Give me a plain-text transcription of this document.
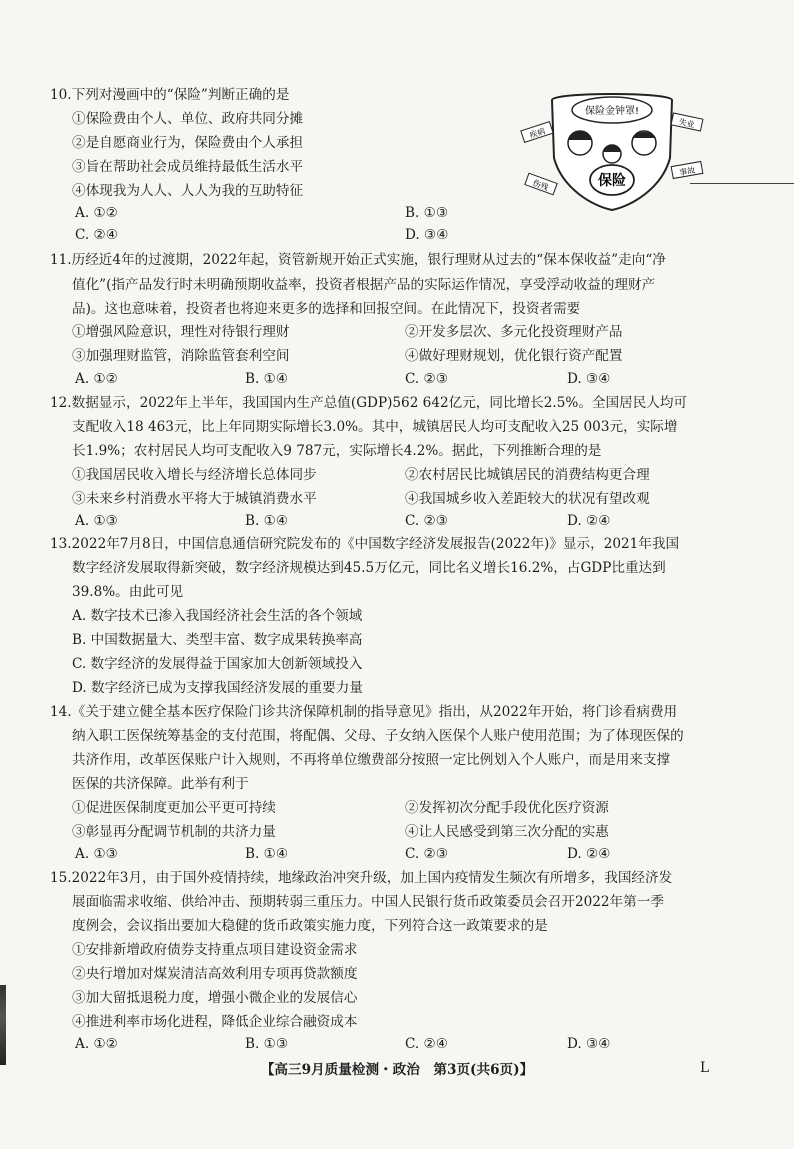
10.下列对漫画中的“保险”判断正确的是
①保险费由个人、单位、政府共同分摊
②是自愿商业行为，保险费由个人承担
③旨在帮助社会成员维持最低生活水平
④体现我为人人、人人为我的互助特征
A. ①②	B. ①③
C. ②④	D. ③④
保险金钟罩!
保险
疾病
失业
伤残
事故
11.历经近4年的过渡期，2022年起，资管新规开始正式实施，银行理财从过去的“保本保收益”走向“净
值化”(指产品发行时未明确预期收益率，投资者根据产品的实际运作情况，享受浮动收益的理财产
品)。这也意味着，投资者也将迎来更多的选择和回报空间。在此情况下，投资者需要
①增强风险意识，理性对待银行理财	②开发多层次、多元化投资理财产品
③加强理财监管，消除监管套利空间	④做好理财规划，优化银行资产配置
A. ①②	B. ①④	C. ②③	D. ③④
12.数据显示，2022年上半年，我国国内生产总值(GDP)562 642亿元，同比增长2.5%。全国居民人均可
支配收入18 463元，比上年同期实际增长3.0%。其中，城镇居民人均可支配收入25 003元，实际增
长1.9%；农村居民人均可支配收入9 787元，实际增长4.2%。据此，下列推断合理的是
①我国居民收入增长与经济增长总体同步	②农村居民比城镇居民的消费结构更合理
③未来乡村消费水平将大于城镇消费水平	④我国城乡收入差距较大的状况有望改观
A. ①③	B. ①④	C. ②③	D. ②④
13.2022年7月8日，中国信息通信研究院发布的《中国数字经济发展报告(2022年)》显示，2021年我国
数字经济发展取得新突破，数字经济规模达到45.5万亿元，同比名义增长16.2%，占GDP比重达到
39.8%。由此可见
A. 数字技术已渗入我国经济社会生活的各个领域
B. 中国数据量大、类型丰富、数字成果转换率高
C. 数字经济的发展得益于国家加大创新领域投入
D. 数字经济已成为支撑我国经济发展的重要力量
14.《关于建立健全基本医疗保险门诊共济保障机制的指导意见》指出，从2022年开始，将门诊看病费用
纳入职工医保统筹基金的支付范围，将配偶、父母、子女纳入医保个人账户使用范围；为了体现医保的
共济作用，改革医保账户计入规则，不再将单位缴费部分按照一定比例划入个人账户，而是用来支撑
医保的共济保障。此举有利于
①促进医保制度更加公平更可持续	②发挥初次分配手段优化医疗资源
③彰显再分配调节机制的共济力量	④让人民感受到第三次分配的实惠
A. ①③	B. ①④	C. ②③	D. ②④
15.2022年3月，由于国外疫情持续，地缘政治冲突升级，加上国内疫情发生频次有所增多，我国经济发
展面临需求收缩、供给冲击、预期转弱三重压力。中国人民银行货币政策委员会召开2022年第一季
度例会，会议指出要加大稳健的货币政策实施力度，下列符合这一政策要求的是
①安排新增政府债券支持重点项目建设资金需求
②央行增加对煤炭清洁高效利用专项再贷款额度
③加大留抵退税力度，增强小微企业的发展信心
④推进利率市场化进程，降低企业综合融资成本
A. ①②	B. ①③	C. ②④	D. ③④
【高三9月质量检测・政治　第3页(共6页)】	L
